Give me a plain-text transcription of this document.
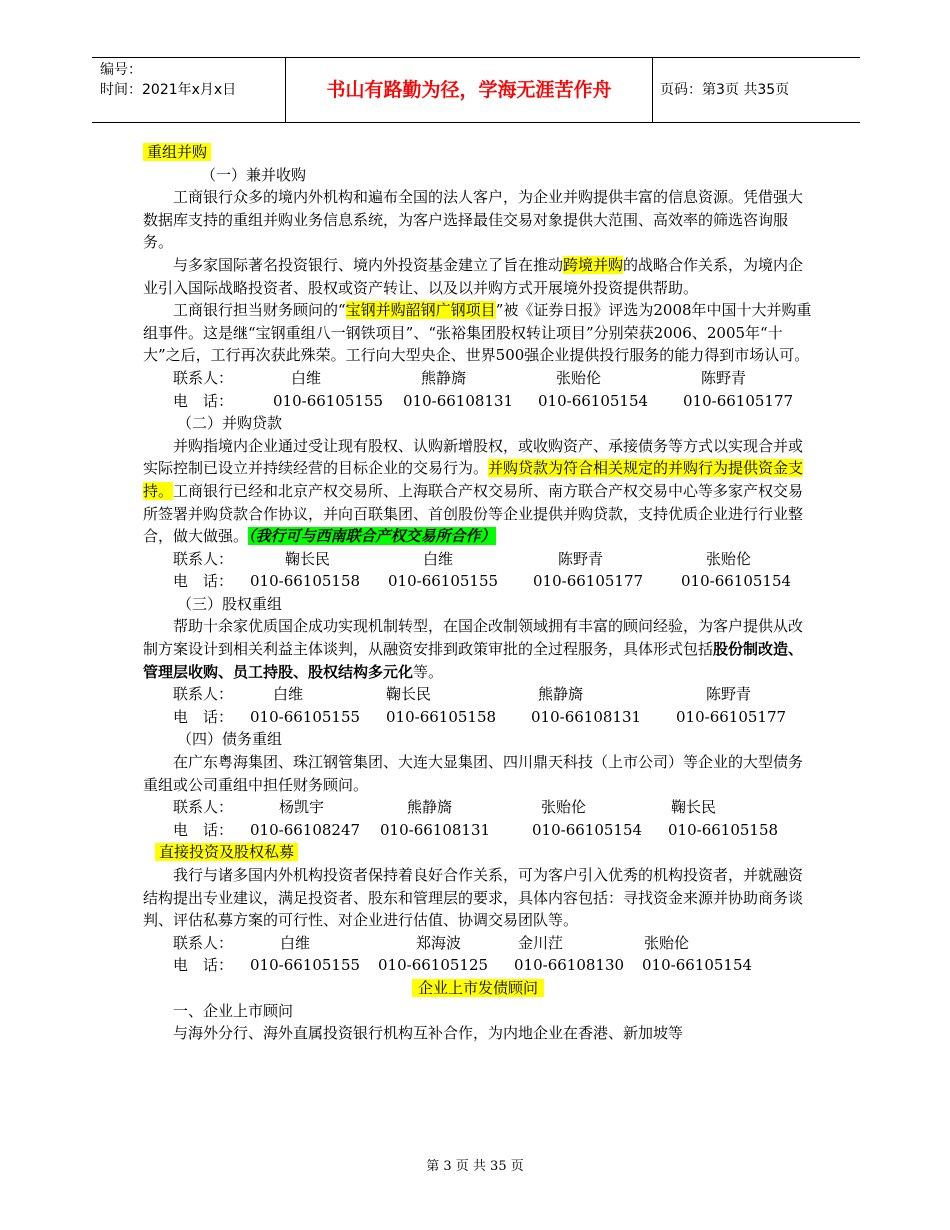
编号：
时间：2021年x月x日	书山有路勤为径，学海无涯苦作舟	页码：第3页 共35页

重组并购

（一）兼并收购

工商银行众多的境内外机构和遍布全国的法人客户，为企业并购提供丰富的信息资源。凭借强大数据库支持的重组并购业务信息系统，为客户选择最佳交易对象提供大范围、高效率的筛选咨询服务。

与多家国际著名投资银行、境内外投资基金建立了旨在推动跨境并购的战略合作关系，为境内企业引入国际战略投资者、股权或资产转让、以及以并购方式开展境外投资提供帮助。

工商银行担当财务顾问的“宝钢并购韶钢广钢项目”被《证券日报》评选为2008年中国十大并购重组事件。这是继“宝钢重组八一钢铁项目”、“张裕集团股权转让项目”分别荣获2006、2005年“十大”之后，工行再次获此殊荣。工行向大型央企、世界500强企业提供投行服务的能力得到市场认可。

联系人：	白维	熊静旖	张贻伦	陈野青
电　话：	010-66105155	010-66108131	010-66105154	010-66105177

（二）并购贷款

并购指境内企业通过受让现有股权、认购新增股权，或收购资产、承接债务等方式以实现合并或实际控制已设立并持续经营的目标企业的交易行为。并购贷款为符合相关规定的并购行为提供资金支持。工商银行已经和北京产权交易所、上海联合产权交易所、南方联合产权交易中心等多家产权交易所签署并购贷款合作协议，并向百联集团、首创股份等企业提供并购贷款，支持优质企业进行行业整合，做大做强。（我行可与西南联合产权交易所合作）

联系人：	鞠长民	白维	陈野青	张贻伦
电　话：	010-66105158	010-66105155	010-66105177	010-66105154

（三）股权重组

帮助十余家优质国企成功实现机制转型，在国企改制领域拥有丰富的顾问经验，为客户提供从改制方案设计到相关利益主体谈判，从融资安排到政策审批的全过程服务，具体形式包括股份制改造、管理层收购、员工持股、股权结构多元化等。

联系人：	白维	鞠长民	熊静旖	陈野青
电　话：	010-66105155	010-66105158	010-66108131	010-66105177

（四）债务重组

在广东粤海集团、珠江钢管集团、大连大显集团、四川鼎天科技（上市公司）等企业的大型债务重组或公司重组中担任财务顾问。

联系人：	杨凯宇	熊静旖	张贻伦	鞠长民
电　话：	010-66108247	010-66108131	010-66105154	010-66105158

直接投资及股权私募

我行与诸多国内外机构投资者保持着良好合作关系，可为客户引入优秀的机构投资者，并就融资结构提出专业建议，满足投资者、股东和管理层的要求，具体内容包括：寻找资金来源并协助商务谈判、评估私募方案的可行性、对企业进行估值、协调交易团队等。

联系人：	白维	郑海波	金川茳	张贻伦
电　话：	010-66105155	010-66105125	010-66108130	010-66105154

企业上市发债顾问

一、企业上市顾问

与海外分行、海外直属投资银行机构互补合作，为内地企业在香港、新加坡等

第 3 页 共 35 页
